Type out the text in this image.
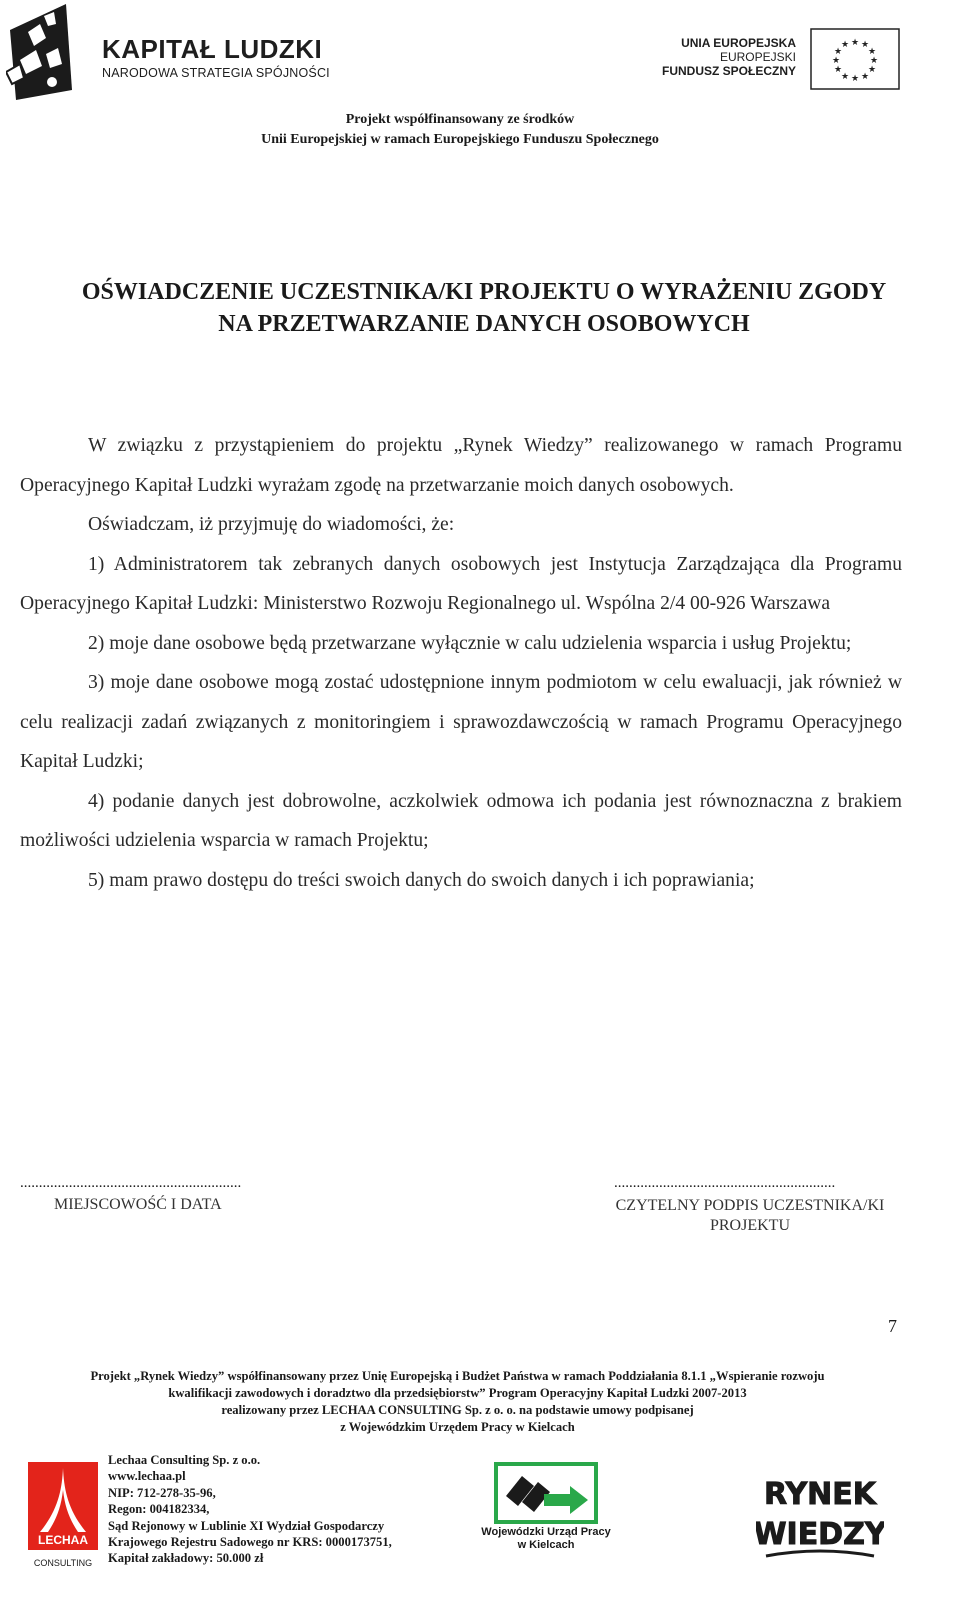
KAPITAŁ LUDZKI
NARODOWA STRATEGIA SPÓJNOŚCI
UNIA EUROPEJSKA
EUROPEJSKI
FUNDUSZ SPOŁECZNY
★ ★
★
★
★
★
★
★
★
★
★
★
Projekt współfinansowany ze środków
Unii Europejskiej w ramach Europejskiego Funduszu Społecznego
OŚWIADCZENIE UCZESTNIKA/KI PROJEKTU O WYRAŻENIU ZGODY
NA PRZETWARZANIE DANYCH OSOBOWYCH

W związku z przystąpieniem do projektu „Rynek Wiedzy” realizowanego w ramach Programu Operacyjnego Kapitał Ludzki wyrażam zgodę na przetwarzanie moich danych osobowych.

Oświadczam, iż przyjmuję do wiadomości, że:

1) Administratorem tak zebranych danych osobowych jest Instytucja Zarządzająca dla Programu Operacyjnego Kapitał Ludzki: Ministerstwo Rozwoju Regionalnego ul. Wspólna 2/4 00-926 Warszawa

2) moje dane osobowe będą przetwarzane wyłącznie w calu udzielenia wsparcia i usług Projektu;

3) moje dane osobowe mogą zostać udostępnione innym podmiotom w celu ewaluacji, jak również w celu realizacji zadań związanych z monitoringiem i sprawozdawczością w ramach Programu Operacyjnego Kapitał Ludzki;

4) podanie danych jest dobrowolne, aczkolwiek odmowa ich podania jest równoznaczna z brakiem możliwości udzielenia wsparcia w ramach Projektu;

5) mam prawo dostępu do treści swoich danych do swoich danych i ich poprawiania;

...........................................................	...........................................................
MIEJSCOWOŚĆ I DATA	CZYTELNY PODPIS UCZESTNIKA/KI
PROJEKTU
7
Projekt „Rynek Wiedzy” współfinansowany przez Unię Europejską i Budżet Państwa w ramach Poddziałania 8.1.1 „Wspieranie rozwoju
kwalifikacji zawodowych i doradztwo dla przedsiębiorstw” Program Operacyjny Kapitał Ludzki 2007-2013
realizowany przez LECHAA CONSULTING Sp. z o. o. na podstawie umowy podpisanej
z Wojewódzkim Urzędem Pracy w Kielcach
LECHAA
CONSULTING
Lechaa Consulting Sp. z o.o.
www.lechaa.pl
NIP: 712-278-35-96,
Regon: 004182334,
Sąd Rejonowy w Lublinie XI Wydział Gospodarczy
Krajowego Rejestru Sadowego nr KRS: 0000173751,
Kapitał zakładowy: 50.000 zł
Wojewódzki Urząd Pracy
w Kielcach
RYNEK
WIEDZY
